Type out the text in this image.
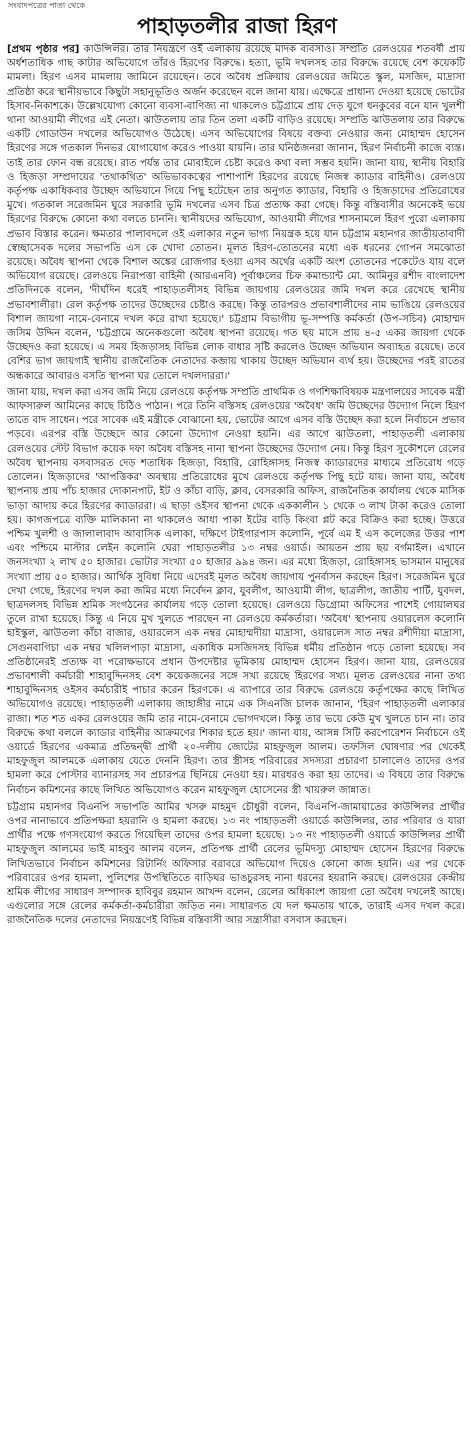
সংবাদপত্রের পাতা থেকে
পাহাড়তলীর রাজা হিরণ

[প্রথম পৃষ্ঠার পর] কাউন্সিলর। তার নিয়ন্ত্রণে ওই এলাকায় রয়েছে মাদক ব্যবসাও। সম্প্রতি রেলওয়ের শতবর্ষী প্রায় অর্ধশতাধিক গাছ কাটার অভিযোগে তাঁরও হিরণের বিরুদ্ধে। হত্যা, ভূমি দখলসহ তার বিরুদ্ধে রয়েছে বেশ কয়েকটি মামলা। হিরণ এসব মামলায় জামিনে রয়েছেন। তবে অবৈধ প্রক্রিয়ায় রেলওয়ের জমিতে স্কুল, মসজিদ, মাদ্রাসা প্রতিষ্ঠা করে স্থানীয়ভাবে কিছুটা সহানুভূতিও অর্জন করেছেন বলে জানা যায়। এক্ষেত্রে প্রাধান্য দেওয়া হয়েছে ভোটের হিসাব-নিকাশকে। উল্লেখযোগ্য কোনো ব্যবসা-বাণিজ্য না থাকলেও চট্টগ্রামে প্রায় দেড় যুগে ধনকুবের বনে যান খুলশী থানা আওয়ামী লীগের এই নেতা। ঝাউতলায় তার তিন তলা একটি বাড়িও রয়েছে। সম্প্রতি ঝাউতলায় তার বিরুদ্ধে একটি গোডাউন দখলের অভিযোগও উঠেছে। এসব অভিযোগের বিষয়ে বক্তব্য নেওয়ার জন্য মোহাম্মদ হোসেন হিরণের সঙ্গে গতকাল দিনভর যোগাযোগ করেও পাওয়া যায়নি। তার ঘনিষ্ঠজনরা জানান, হিরণ নির্বাচনী কাজে ব্যস্ত। তাই তার ফোন বন্ধ রয়েছে। রাত পর্যন্ত তার মোবাইলে চেষ্টা করেও কথা বলা সম্ভব হয়নি। জানা যায়, স্থানীয় বিহারি ও হিজড়া সম্প্রদায়ের 'তথাকথিত' অভিভাবকত্বের পাশাপাশি হিরণের রয়েছে নিজস্ব ক্যাডার বাহিনীও। রেলওয়ে কর্তৃপক্ষ একাধিকবার উচ্ছেদ অভিযানে গিয়ে পিছু হটেছেন তার অনুগত ক্যাডার, বিহারি ও হিজড়াদের প্রতিরোধের মুখে। গতকাল সরেজমিন ঘুরে সরকারি ভূমি দখলের এসব চিত্র প্রত্যক্ষ করা গেছে। কিন্তু বস্তিবাসীর অনেকেই ভয়ে হিরণের বিরুদ্ধে কোনো কথা বলতে চাননি। স্থানীয়দের অভিযোগ, আওয়ামী লীগের শাসনামলে হিরণ পুরো এলাকায় প্রভাব বিস্তার করেন। ক্ষমতার পালাবদলে ওই এলাকার নতুন ভাগ্য নিয়ন্ত্রক হয়ে যান চট্টগ্রাম মহানগর জাতীয়তাবাদী স্বেচ্ছাসেবক দলের সভাপতি এস কে খোদা তোতন। মূলত হিরণ-তোতনের মধ্যে এক ধরনের গোপন সমঝোতা রয়েছে। অবৈধ স্থাপনা থেকে বিশাল অঙ্কের রোজগার হওয়া এসব অর্থের একটি অংশ তোতনের পকেটেও যায় বলে অভিযোগ রয়েছে। রেলওয়ে নিরাপত্তা বাহিনী (আরএনবি) পূর্বাঞ্চলের চিফ কমান্ড্যান্ট মো. আমিনুর রশীদ বাংলাদেশ প্রতিদিনকে বলেন, 'দীর্ঘদিন ধরেই পাহাড়তলীসহ বিভিন্ন জায়গায় রেলওয়ের জমি দখল করে রেখেছে স্থানীয় প্রভাবশালীরা। রেল কর্তৃপক্ষ তাদের উচ্ছেদের চেষ্টাও করছে। কিন্তু তারপরও প্রভাবশালীদের নাম ভাঙিয়ে রেলওয়ের বিশাল জায়গা নামে-বেনামে দখল করে রাখা হয়েছে।' চট্টগ্রাম বিভাগীয় ভূ-সম্পত্তি কর্মকর্তা (উপ-সচিব) মোহাম্মদ জসিম উদ্দিন বলেন, 'চট্টগ্রামে অনেকগুলো অবৈধ স্থাপনা রয়েছে। গত ছয় মাসে প্রায় ৪-৫ একর জায়গা থেকে উচ্ছেদও করা হয়েছে। এ সময় হিজড়াসহ বিভিন্ন লোক বাধার সৃষ্টি করলেও উচ্ছেদ অভিযান অব্যাহত রয়েছে। তবে বেশির ভাগ জায়গাই স্থানীয় রাজনৈতিক নেতাদের কব্জায় থাকায় উচ্ছেদ অভিযান ব্যর্থ হয়। উচ্ছেদের পরই রাতের অন্ধকারে আবারও বসতি স্থাপনা ঘর তোলে দখলদাররা।'

জানা যায়, দখল করা এসব জমি নিয়ে রেলওয়ে কর্তৃপক্ষ সম্প্রতি প্রাথমিক ও গণশিক্ষাবিষয়ক মন্ত্রণালয়ের সাবেক মন্ত্রী আফসারুল আমিনের কাছে চিঠিও পাঠান। পরে তিনি বস্তিসহ রেলওয়ের 'অবৈধ' জমি উচ্ছেদের উদ্যোগ নিলে হিরণ তাতে বাদ সাধেন। পরে সাবেক এই মন্ত্রীকে বোঝানো হয়, ভোটের আগে এসব বস্তি উচ্ছেদ করা হলে নির্বাচনে প্রভাব পড়বে। এরপর বস্তি উচ্ছেদে আর কোনো উদ্যোগ নেওয়া হয়নি। এর আগে ঝাউতলা, পাহাড়তলী এলাকায় রেলওয়ের স্টেট বিভাগ কয়েক দফা অবৈধ বস্তিসহ নানা স্থাপনা উচ্ছেদের উদ্যোগ নেয়। কিন্তু হিরণ সুকৌশলে রেলের অবৈধ স্থাপনায় বসবাসরত দেড় শতাধিক হিজড়া, বিহারি, রোহিঙ্গাসহ নিজস্ব ক্যাডারদের মাধ্যমে প্রতিরোধ গড়ে তোলেন। হিজড়াদের 'আপত্তিকর' অবস্থায় প্রতিরোধের মুখে রেলওয়ে কর্তৃপক্ষ পিছু হটে যায়। জানা যায়, অবৈধ স্থাপনায় প্রায় পাঁচ হাজার দোকানপাট, ইট ও কাঁচা বাড়ি, ক্লাব, বেসরকারি অফিস, রাজনৈতিক কার্যালয় থেকে মাসিক ভাড়া আদায় করে হিরণের ক্যাডাররা। এ ছাড়া ওইসব স্থাপনা থেকে এককালীন ১ থেকে ৩ লাখ টাকা করেও তোলা হয়। কাগজপত্রে ব্যক্তি মালিকানা না থাকলেও আধা পাকা ইটের বাড়ি কিংবা প্লট করে বিক্রিও করা হচ্ছে। উত্তরে পশ্চিম খুলশী ও জালালাবাদ আবাসিক এলাকা, দক্ষিণে টাইগারপাস কলোনি, পূর্বে এম ই এস কলেজের উত্তর পাশ এবং পশ্চিমে মাস্টার লেইন কলোনি ঘেরা পাহাড়তলীর ১৩ নম্বর ওয়ার্ড। আয়তন প্রায় ছয় বর্গমাইল। এখানে জনসংখ্যা ২ লাখ ৫০ হাজার। ভোটার সংখ্যা ৫০ হাজার ৯৯৪ জন। এর মধ্যে হিজড়া, রোহিঙ্গাসহ ভাসমান মানুষের সংখ্যা প্রায় ৫০ হাজার। আর্থিক সুবিধা নিয়ে এদেরই মূলত অবৈধ জায়গায় পুনর্বাসন করছেন হিরণ। সরেজমিন ঘুরে দেখা গেছে, হিরণের দখল করা জমির মধ্যে নির্বেদন ক্লাব, যুবলীগ, আওয়ামী লীগ, ছাত্রলীগ, জাতীয় পার্টি, যুবদল, ছাত্রদলসহ বিভিন্ন শ্রমিক সংগঠনের কার্যালয় গড়ে তোলা হয়েছে। রেলওয়ে ডিগ্রোমা অফিসের পাশেই গোয়ালঘর তুলে রাখা হয়েছে। কিন্তু এ নিয়ে মুখ খুলতে পারছেন না রেলওয়ে কর্মকর্তারা। 'অবৈধ' স্থাপনায় ওয়ারলেস কলোনি হাইস্কুল, ঝাউতলা কাঁচা বাজার, ওয়ারলেস এক নম্বর মোহাম্মদীয়া মাদ্রাসা, ওয়ারলেস সাত নম্বর রশীদীয়া মাদ্রাসা, সেগুনবাগিচা এক নম্বর খলিলপাড়া মাদ্রাসা, একাধিক মসজিদসহ বিভিন্ন ধর্মীয় প্রতিষ্ঠান গড়ে তোলা হয়েছে। সব প্রতিষ্ঠানেরই প্রত্যক্ষ বা পরোক্ষভাবে প্রধান উপদেষ্টার ভূমিকায় মোহাম্মদ হোসেন হিরণ। জানা যায়, রেলওয়ের প্রভাবশালী কর্মচারী শাহাবুদ্দিনসহ বেশ কয়েকজনের সঙ্গে সখ্য রয়েছে হিরণের সখ্য। মূলত রেলওয়ের নানা তথ্য শাহাবুদ্দিনসহ ওইসব কর্মচারীই পাচার করেন হিরণকে। এ ব্যাপারে তার বিরুদ্ধে রেলওয়ে কর্তৃপক্ষের কাছে লিখিত অভিযোগও রয়েছে। পাহাড়তলী এলাকায় জাহাঙ্গীর নামে এক সিএনজি চালক জানান, 'হিরণ পাহাড়তলী এলাকার রাজা। শত শত একর রেলওয়ের জমি তার নামে-বেনামে ভোগদখলে। কিন্তু তার ভয়ে কেউ মুখ খুলতে চান না। তার বিরুদ্ধে কথা বললে ক্যাডার বাহিনীর আক্রমণের শিকার হতে হয়।' জানা যায়, আসন্ন সিটি করপোরেশন নির্বাচনে ওই ওয়ার্ডে হিরণের একমাত্র প্রতিদ্বন্দ্বী প্রার্থী ২০-দলীয় জোটের মাহফুজুল আলম। তফসিল ঘোষণার পর থেকেই মাহফুজুল আলমকে এলাকায় যেতে দেননি হিরণ। তার স্ত্রীসহ পরিবারের সদস্যরা প্রচারণা চালালেও তাদের ওপর হামলা করে পোস্টার ব্যানারসহ সব প্রচারপত্র ছিনিয়ে নেওয়া হয়। মারধরও করা হয় তাদের। এ বিষয়ে তার বিরুদ্ধে নির্বাচন কমিশনের কাছে লিখিত অভিযোগও করেন মাহফুজুল হোসেনের স্ত্রী খায়রুল জান্নাত।

চট্টগ্রাম মহানগর বিএনপি সভাপতি আমির খসরু মাহমুদ চৌধুরী বলেন, বিএনপি-জামায়াতের কাউন্সিলর প্রার্থীর ওপর নানাভাবে প্রতিপক্ষরা হয়রানি ও হামলা করছে। ১৩ নং পাহাড়তলী ওয়ার্ডে কাউন্সিলর, তার পরিবার ও যারা প্রার্থীর পক্ষে গণসংযোগ করতে গিয়েছিল তাদের ওপর হামলা হয়েছে। ১৩ নং পাহাড়তলী ওয়ার্ডে কাউন্সিলর প্রার্থী মাহফুজুল আলমের ভাই মাহবুব আলম বলেন, প্রতিপক্ষ প্রার্থী রেলের ভূমিদস্যু মোহাম্মদ হোসেন হিরণের বিরুদ্ধে লিখিতভাবে নির্বাচন কমিশনের রিটার্নিং অফিসার বরাবরে অভিযোগ দিয়েও কোনো কাজ হয়নি। এর পর থেকে পরিবারের ওপর হামলা, পুলিশের উপস্থিতিতে বাড়িঘর ভাঙচুরসহ নানা ধরনের হয়রানি করছে। রেলওয়ের কেন্দ্রীয় শ্রমিক লীগের সাধারণ সম্পাদক হাবিবুর রহমান আখন্দ বলেন, রেলের অধিকাংশ জায়গা তো অবৈধ দখলেই আছে। এগুলোর সঙ্গে রেলের কর্মকর্তা-কর্মচারীরা জড়িত নন। সাধারণত যে দল ক্ষমতায় থাকে, তারাই এসব দখল করে। রাজনৈতিক দলের নেতাদের নিয়ন্ত্রণেই বিভিন্ন বস্তিবাসী আর সন্ত্রাসীরা বসবাস করছেন।
